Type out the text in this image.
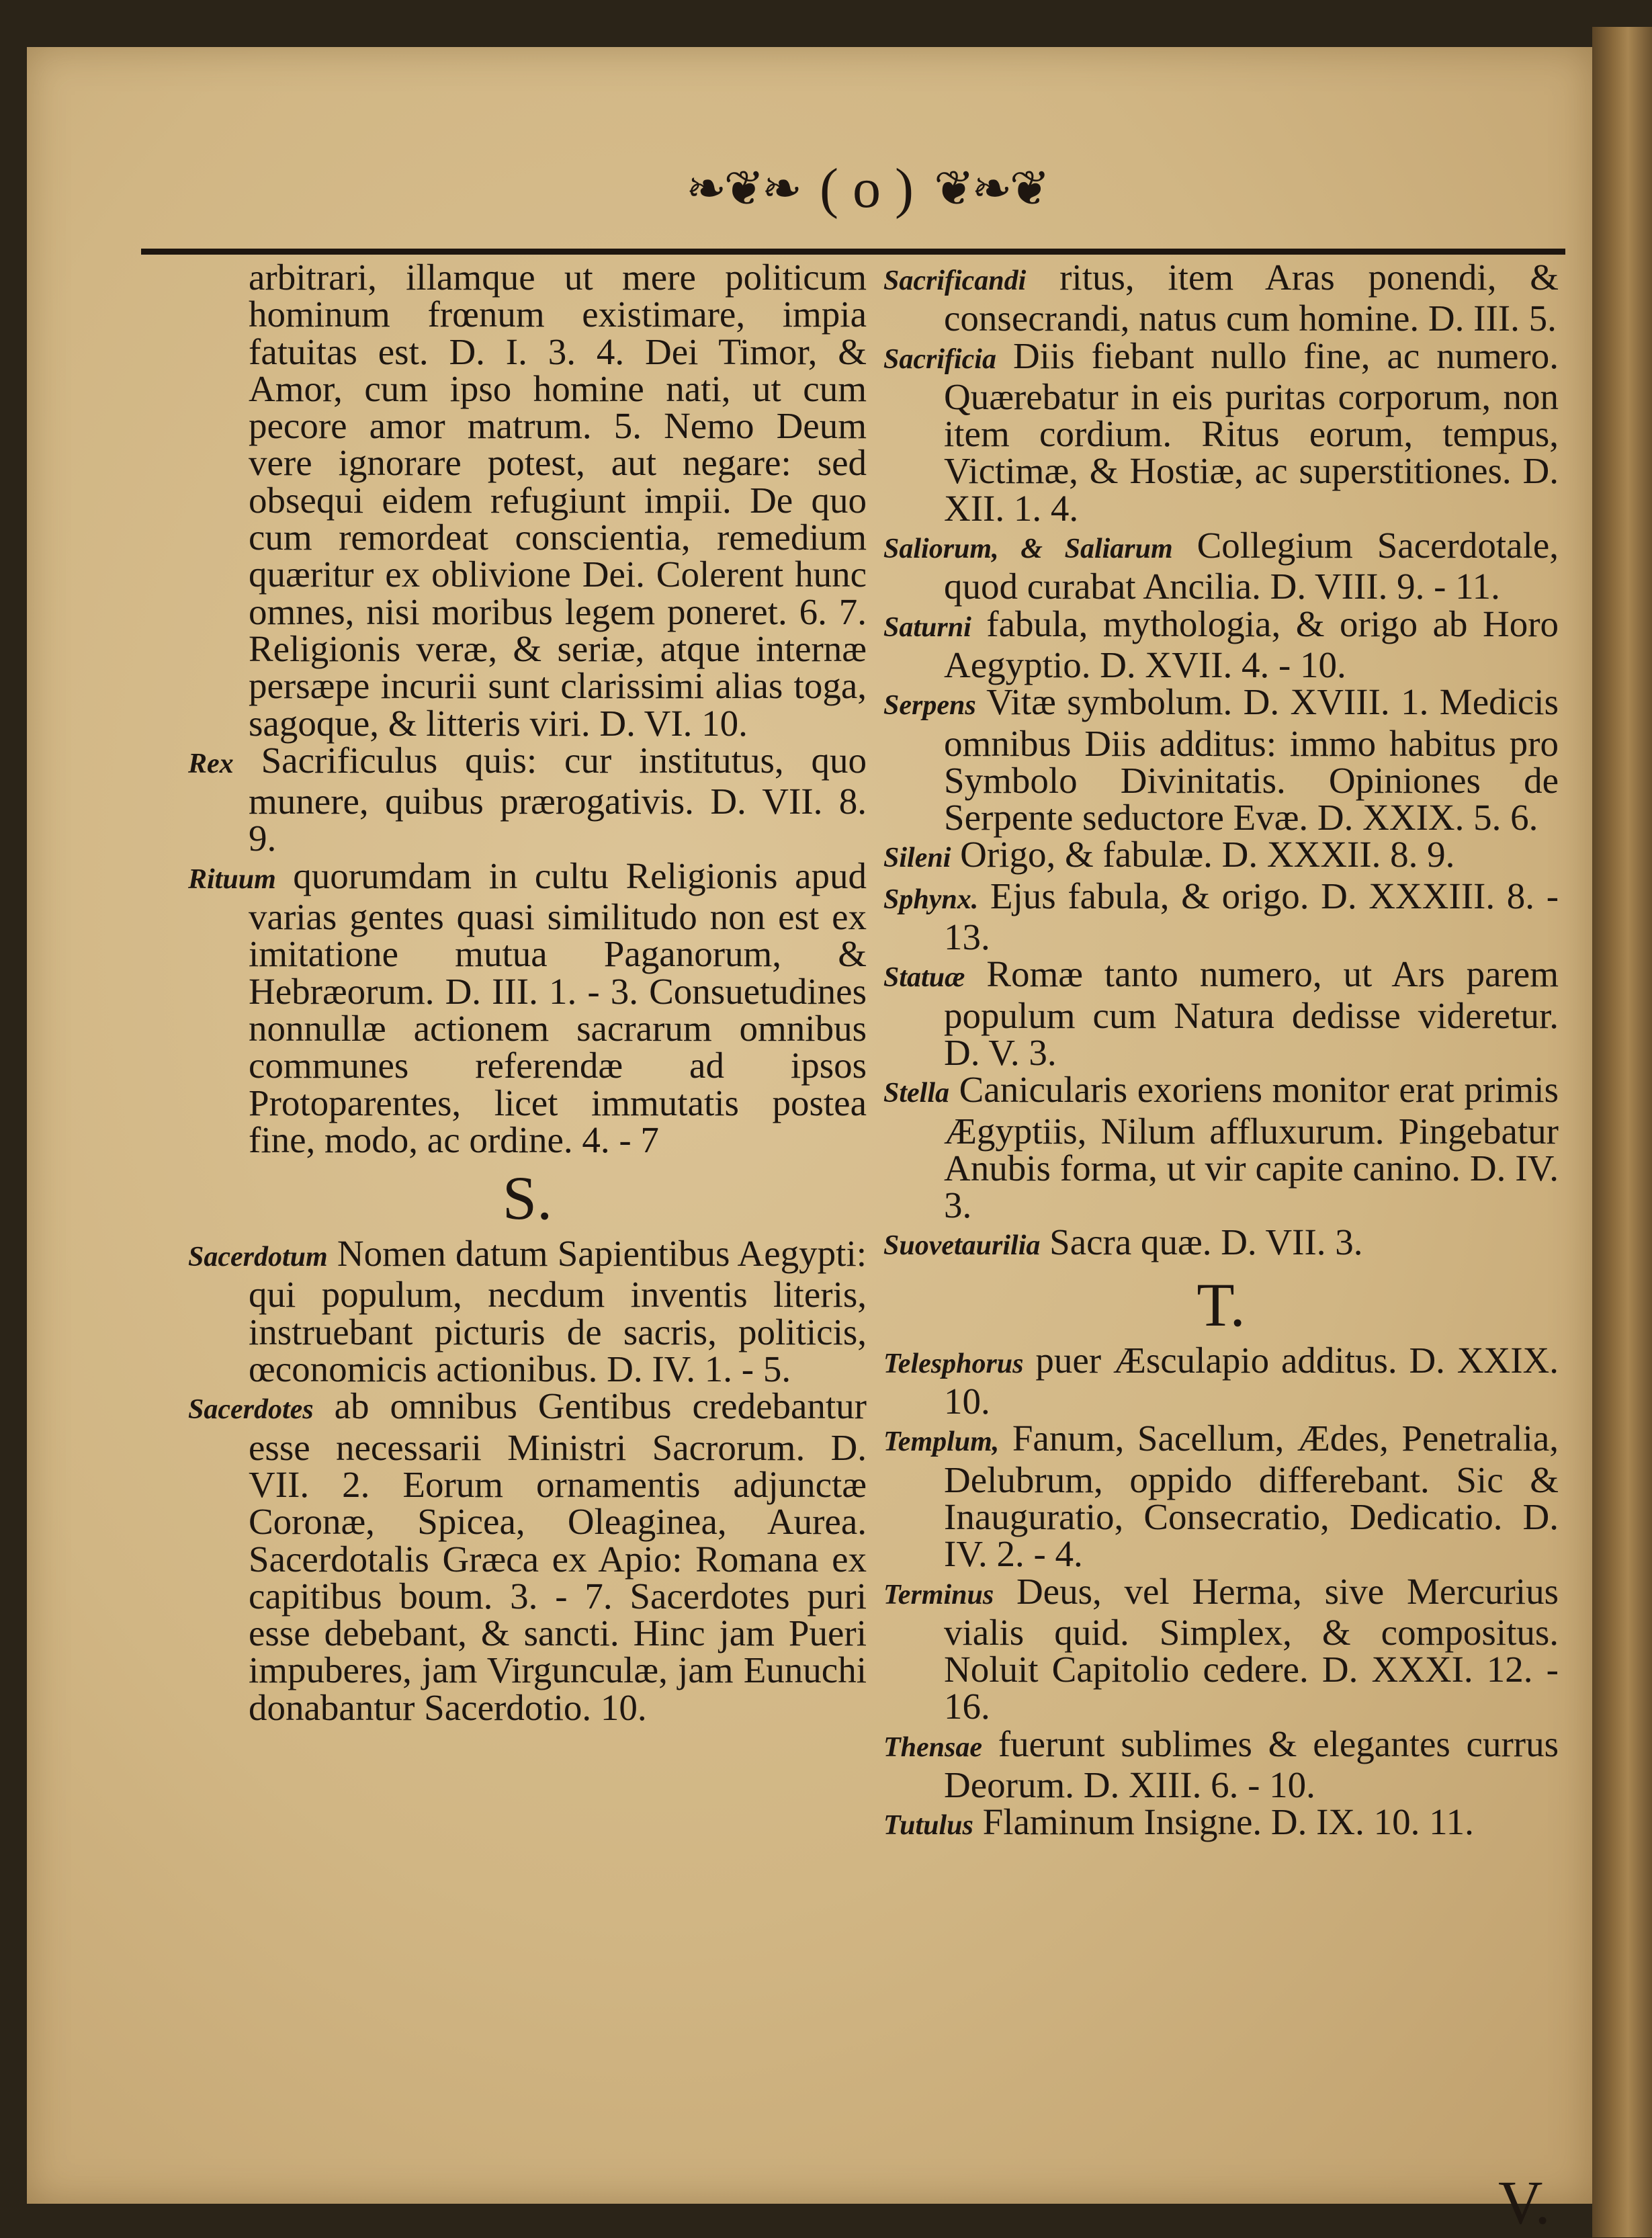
❧❦❧ ( o ) ❦❧❦

arbitrari, illamque ut mere politicum hominum frœnum existimare, impia fatuitas est. D. I. 3. 4. Dei Timor, & Amor, cum ipso homine nati, ut cum pecore amor matrum. 5. Nemo Deum vere ignorare potest, aut negare: sed obsequi eidem refugiunt impii. De quo cum remordeat conscientia, remedium quæritur ex oblivione Dei. Colerent hunc omnes, nisi moribus legem poneret. 6. 7. Religionis veræ, & seriæ, atque internæ persæpe incurii sunt clarissimi alias toga, sagoque, & litteris viri. D. VI. 10.

Rex Sacrificulus quis: cur institutus, quo munere, quibus prærogativis. D. VII. 8. 9.

Rituum quorumdam in cultu Religionis apud varias gentes quasi similitudo non est ex imitatione mutua Paganorum, & Hebræorum. D. III. 1. - 3. Consuetudines nonnullæ actionem sacrarum omnibus communes referendæ ad ipsos Protoparentes, licet immutatis postea fine, modo, ac ordine. 4. - 7

S.

Sacerdotum Nomen datum Sapientibus Aegypti: qui populum, necdum inventis literis, instruebant picturis de sacris, politicis, œconomicis actionibus. D. IV. 1. - 5.

Sacerdotes ab omnibus Gentibus credebantur esse necessarii Ministri Sacrorum. D. VII. 2. Eorum ornamentis adjunctæ Coronæ, Spicea, Oleaginea, Aurea. Sacerdotalis Græca ex Apio: Romana ex capitibus boum. 3. - 7. Sacerdotes puri esse debebant, & sancti. Hinc jam Pueri impuberes, jam Virgunculæ, jam Eunuchi donabantur Sacerdotio. 10.

Sacrificandi ritus, item Aras ponendi, & consecrandi, natus cum homine. D. III. 5.

Sacrificia Diis fiebant nullo fine, ac numero. Quærebatur in eis puritas corporum, non item cordium. Ritus eorum, tempus, Victimæ, & Hostiæ, ac superstitiones. D. XII. 1. 4.

Saliorum, & Saliarum Collegium Sacerdotale, quod curabat Ancilia. D. VIII. 9. - 11.

Saturni fabula, mythologia, & origo ab Horo Aegyptio. D. XVII. 4. - 10.

Serpens Vitæ symbolum. D. XVIII. 1. Medicis omnibus Diis additus: immo habitus pro Symbolo Divinitatis. Opiniones de Serpente seductore Evæ. D. XXIX. 5. 6.

Sileni Origo, & fabulæ. D. XXXII. 8. 9.

Sphynx. Ejus fabula, & origo. D. XXXIII. 8. - 13.

Statuæ Romæ tanto numero, ut Ars parem populum cum Natura dedisse videretur. D. V. 3.

Stella Canicularis exoriens monitor erat primis Ægyptiis, Nilum affluxurum. Pingebatur Anubis forma, ut vir capite canino. D. IV. 3.

Suovetaurilia Sacra quæ. D. VII. 3.

T.

Telesphorus puer Æsculapio additus. D. XXIX. 10.

Templum, Fanum, Sacellum, Ædes, Penetralia, Delubrum, oppido differebant. Sic & Inauguratio, Consecratio, Dedicatio. D. IV. 2. - 4.

Terminus Deus, vel Herma, sive Mercurius vialis quid. Simplex, & compositus. Noluit Capitolio cedere. D. XXXI. 12. - 16.

Thensae fuerunt sublimes & elegantes currus Deorum. D. XIII. 6. - 10.

Tutulus Flaminum Insigne. D. IX. 10. 11.

V.
